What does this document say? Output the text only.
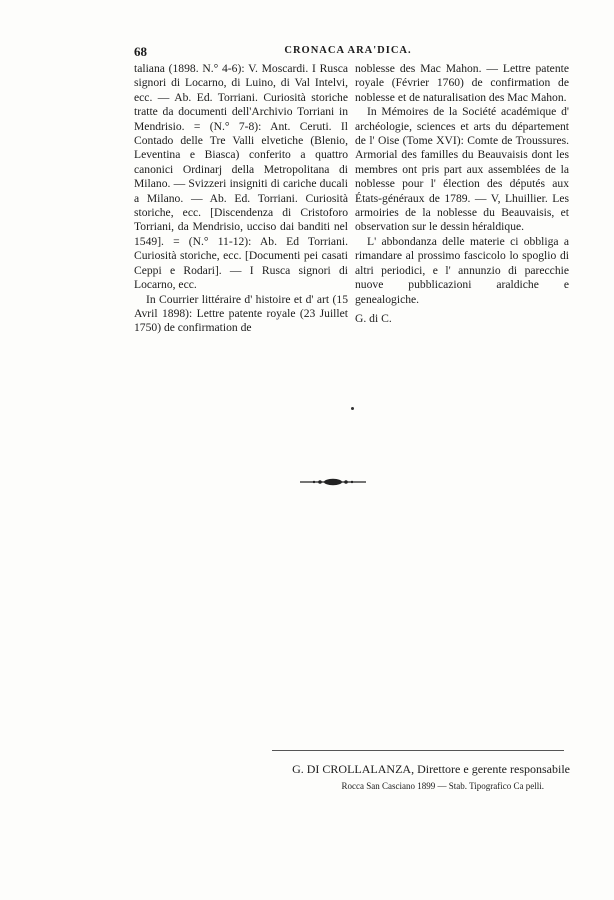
68	CRONACA ARA'DICA.

taliana (1898. N.° 4-6): V. Moscardi. I Rusca signori di Locarno, di Luino, di Val Intelvi, ecc. — Ab. Ed. Torriani. Curiosità storiche tratte da documenti dell'Archivio Torriani in Mendrisio. = (N.° 7-8): Ant. Ceruti. Il Contado delle Tre Valli elvetiche (Blenio, Leventina e Biasca) conferito a quattro canonici Ordinarj della Metropolitana di Milano. — Svizzeri insigniti di cariche ducali a Milano. — Ab. Ed. Torriani. Curiosità storiche, ecc. [Discendenza di Cristoforo Torriani, da Mendrisio, ucciso dai banditi nel 1549]. = (N.° 11-12): Ab. Ed Torriani. Curiosità storiche, ecc. [Documenti pei casati Ceppi e Rodari]. — I Rusca signori di Locarno, ecc.

In Courrier littéraire d' histoire et d' art (15 Avril 1898): Lettre patente royale (23 Juillet 1750) de confirmation de

noblesse des Mac Mahon. — Lettre patente royale (Février 1760) de confirmation de noblesse et de naturalisation des Mac Mahon.

In Mémoires de la Société académique d' archéologie, sciences et arts du département de l' Oise (Tome XVI): Comte de Troussures. Armorial des familles du Beauvaisis dont les membres ont pris part aux assemblées de la noblesse pour l' élection des députés aux États-généraux de 1789. — V, Lhuillier. Les armoiries de la noblesse du Beauvaisis, et observation sur le dessin héraldique.

L' abbondanza delle materie ci obbliga a rimandare al prossimo fascicolo lo spoglio di altri periodici, e l' annunzio di parecchie nuove pubblicazioni araldiche e genealogiche.

G. di C.

G. DI CROLLALANZA, Direttore e gerente responsabile
Rocca San Casciano 1899 — Stab. Tipografico Ca pelli.
